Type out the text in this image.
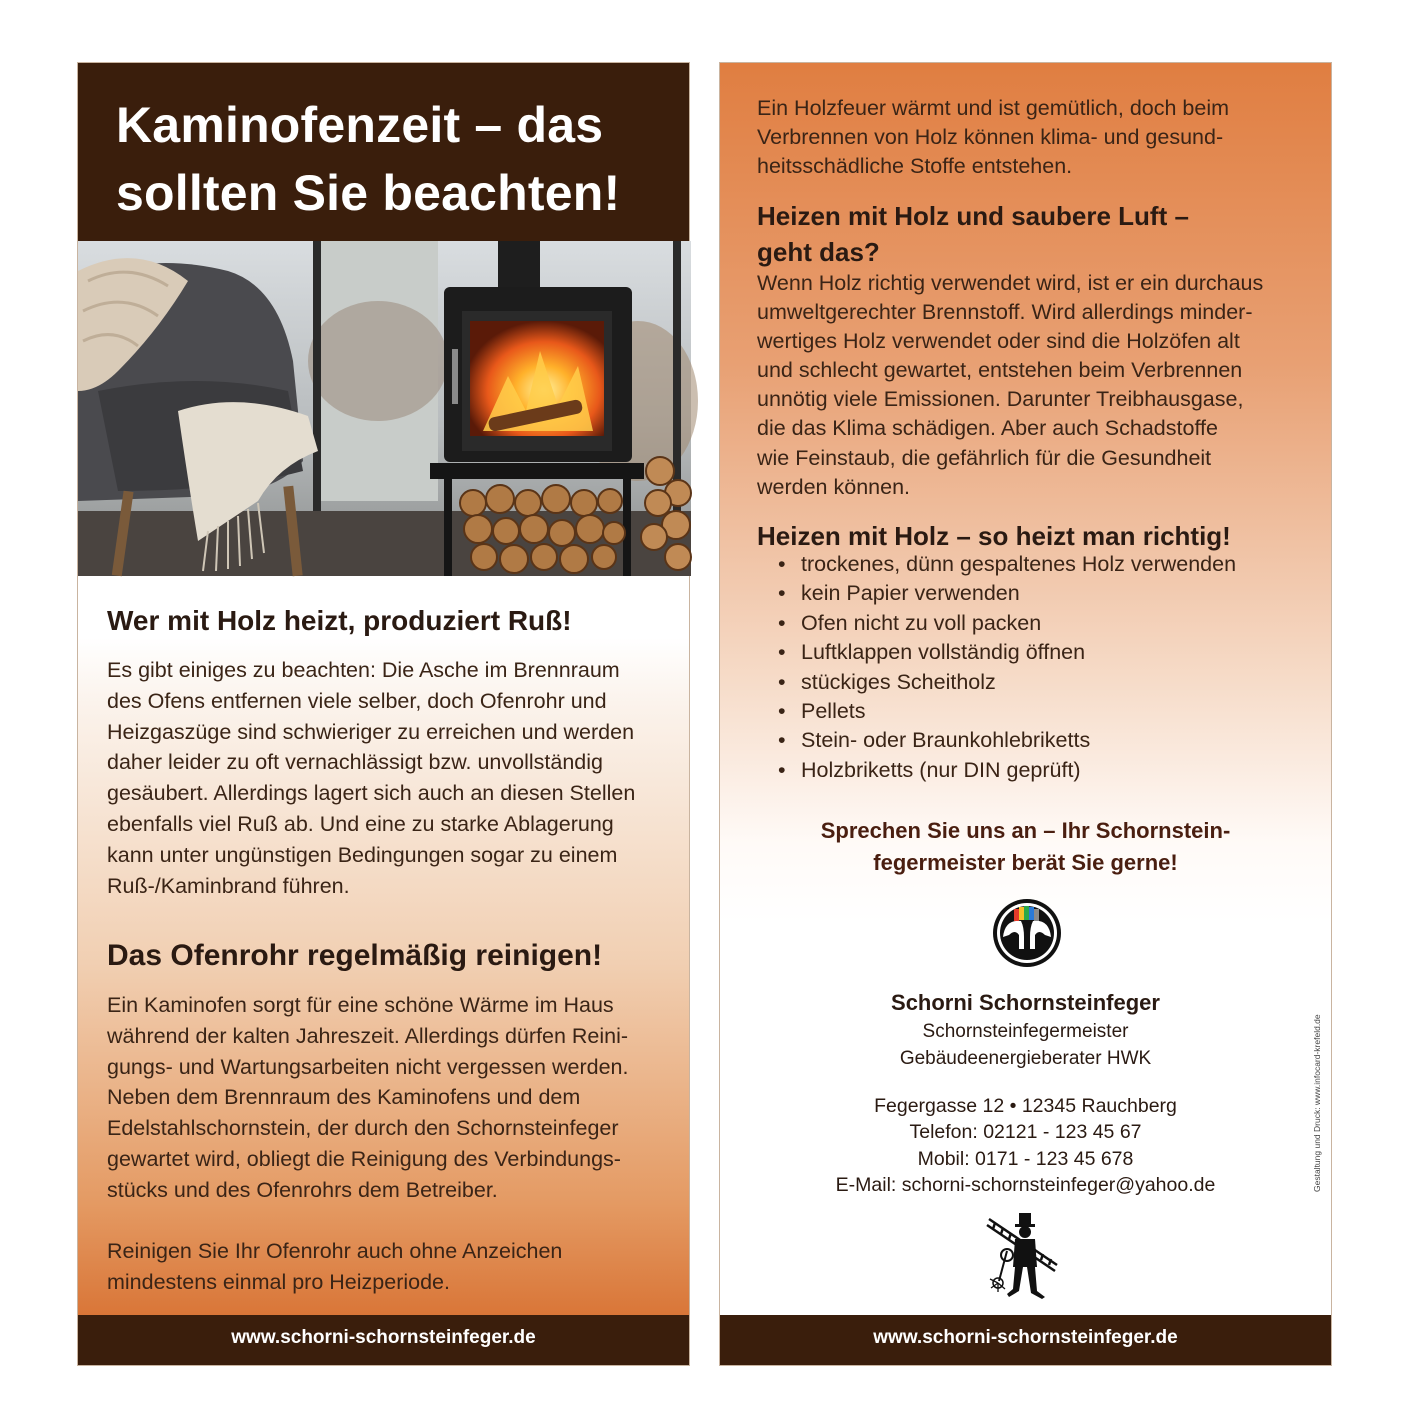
Kaminofenzeit – das
sollten Sie beachten!
Wer mit Holz heizt, produziert Ruß!
Es gibt einiges zu beachten: Die Asche im Brennraum
des Ofens entfernen viele selber, doch Ofenrohr und
Heizgaszüge sind schwieriger zu erreichen und werden
daher leider zu oft vernachlässigt bzw. unvollständig
gesäubert. Allerdings lagert sich auch an diesen Stellen
ebenfalls viel Ruß ab. Und eine zu starke Ablagerung
kann unter ungünstigen Bedingungen sogar zu einem
Ruß-/Kaminbrand führen.
Das Ofenrohr regelmäßig reinigen!
Ein Kaminofen sorgt für eine schöne Wärme im Haus
während der kalten Jahreszeit. Allerdings dürfen Reini-
gungs- und Wartungsarbeiten nicht vergessen werden.
Neben dem Brennraum des Kaminofens und dem
Edelstahlschornstein, der durch den Schornsteinfeger
gewartet wird, obliegt die Reinigung des Verbindungs-
stücks und des Ofenrohrs dem Betreiber.
Reinigen Sie Ihr Ofenrohr auch ohne Anzeichen
mindestens einmal pro Heizperiode.
www.schorni-schornsteinfeger.de
Ein Holzfeuer wärmt und ist gemütlich, doch beim
Verbrennen von Holz können klima- und gesund-
heitsschädliche Stoffe entstehen.
Heizen mit Holz und saubere Luft –
geht das?
Wenn Holz richtig verwendet wird, ist er ein durchaus
umweltgerechter Brennstoff. Wird allerdings minder-
wertiges Holz verwendet oder sind die Holzöfen alt
und schlecht gewartet, entstehen beim Verbrennen
unnötig viele Emissionen. Darunter Treibhausgase,
die das Klima schädigen. Aber auch Schadstoffe
wie Feinstaub, die gefährlich für die Gesundheit
werden können.
Heizen mit Holz – so heizt man richtig!
• trockenes, dünn gespaltenes Holz verwenden
• kein Papier verwenden
• Ofen nicht zu voll packen
• Luftklappen vollständig öffnen
• stückiges Scheitholz
• Pellets
• Stein- oder Braunkohlebriketts
• Holzbriketts (nur DIN geprüft)
Sprechen Sie uns an – Ihr Schornstein-
fegermeister berät Sie gerne!
Schorni Schornsteinfeger
Schornsteinfegermeister
Gebäudeenergieberater HWK
Fegergasse 12 • 12345 Rauchberg
Telefon: 02121 - 123 45 67
Mobil: 0171 - 123 45 678
E-Mail: schorni-schornsteinfeger@yahoo.de
www.schorni-schornsteinfeger.de
Gestaltung und Druck: www.infocard-krefeld.de
